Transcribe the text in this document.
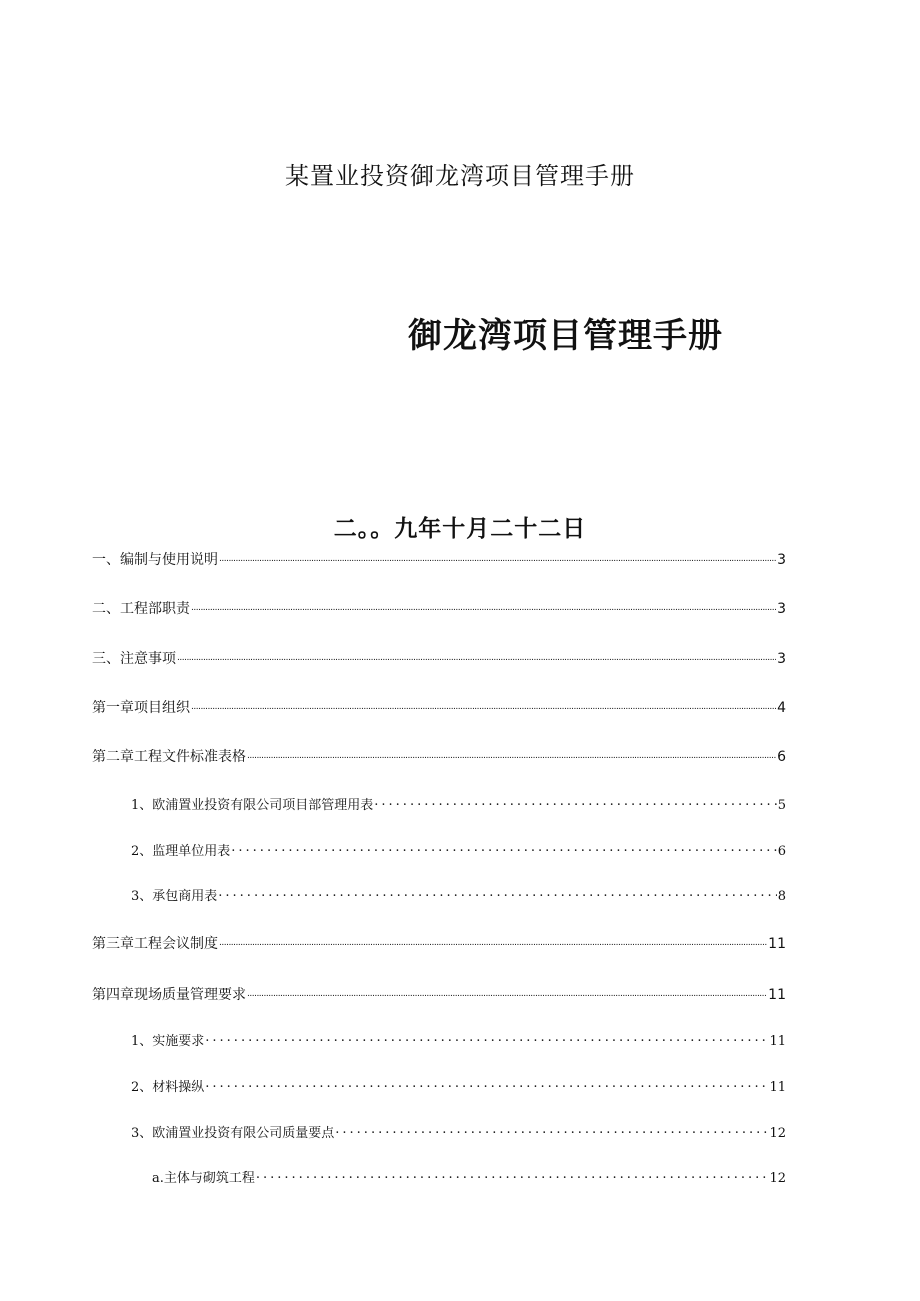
某置业投资御龙湾项目管理手册
御龙湾项目管理手册
二。。九年十月二十二日
一、编制与使用说明 .....	3
二、工程部职责 .....	3
三、注意事项 .....	3
第一章项目组织 .....	4
第二章工程文件标准表格 .....	6
1、欧浦置业投资有限公司项目部管理用表 .....	5
2、监理单位用表 .....	6
3、承包商用表 .....	8
第三章工程会议制度 .....	11
第四章现场质量管理要求 .....	11
1、实施要求 .....	11
2、材料操纵 .....	11
3、欧浦置业投资有限公司质量要点 .....	12
a.主体与砌筑工程 .....	12
